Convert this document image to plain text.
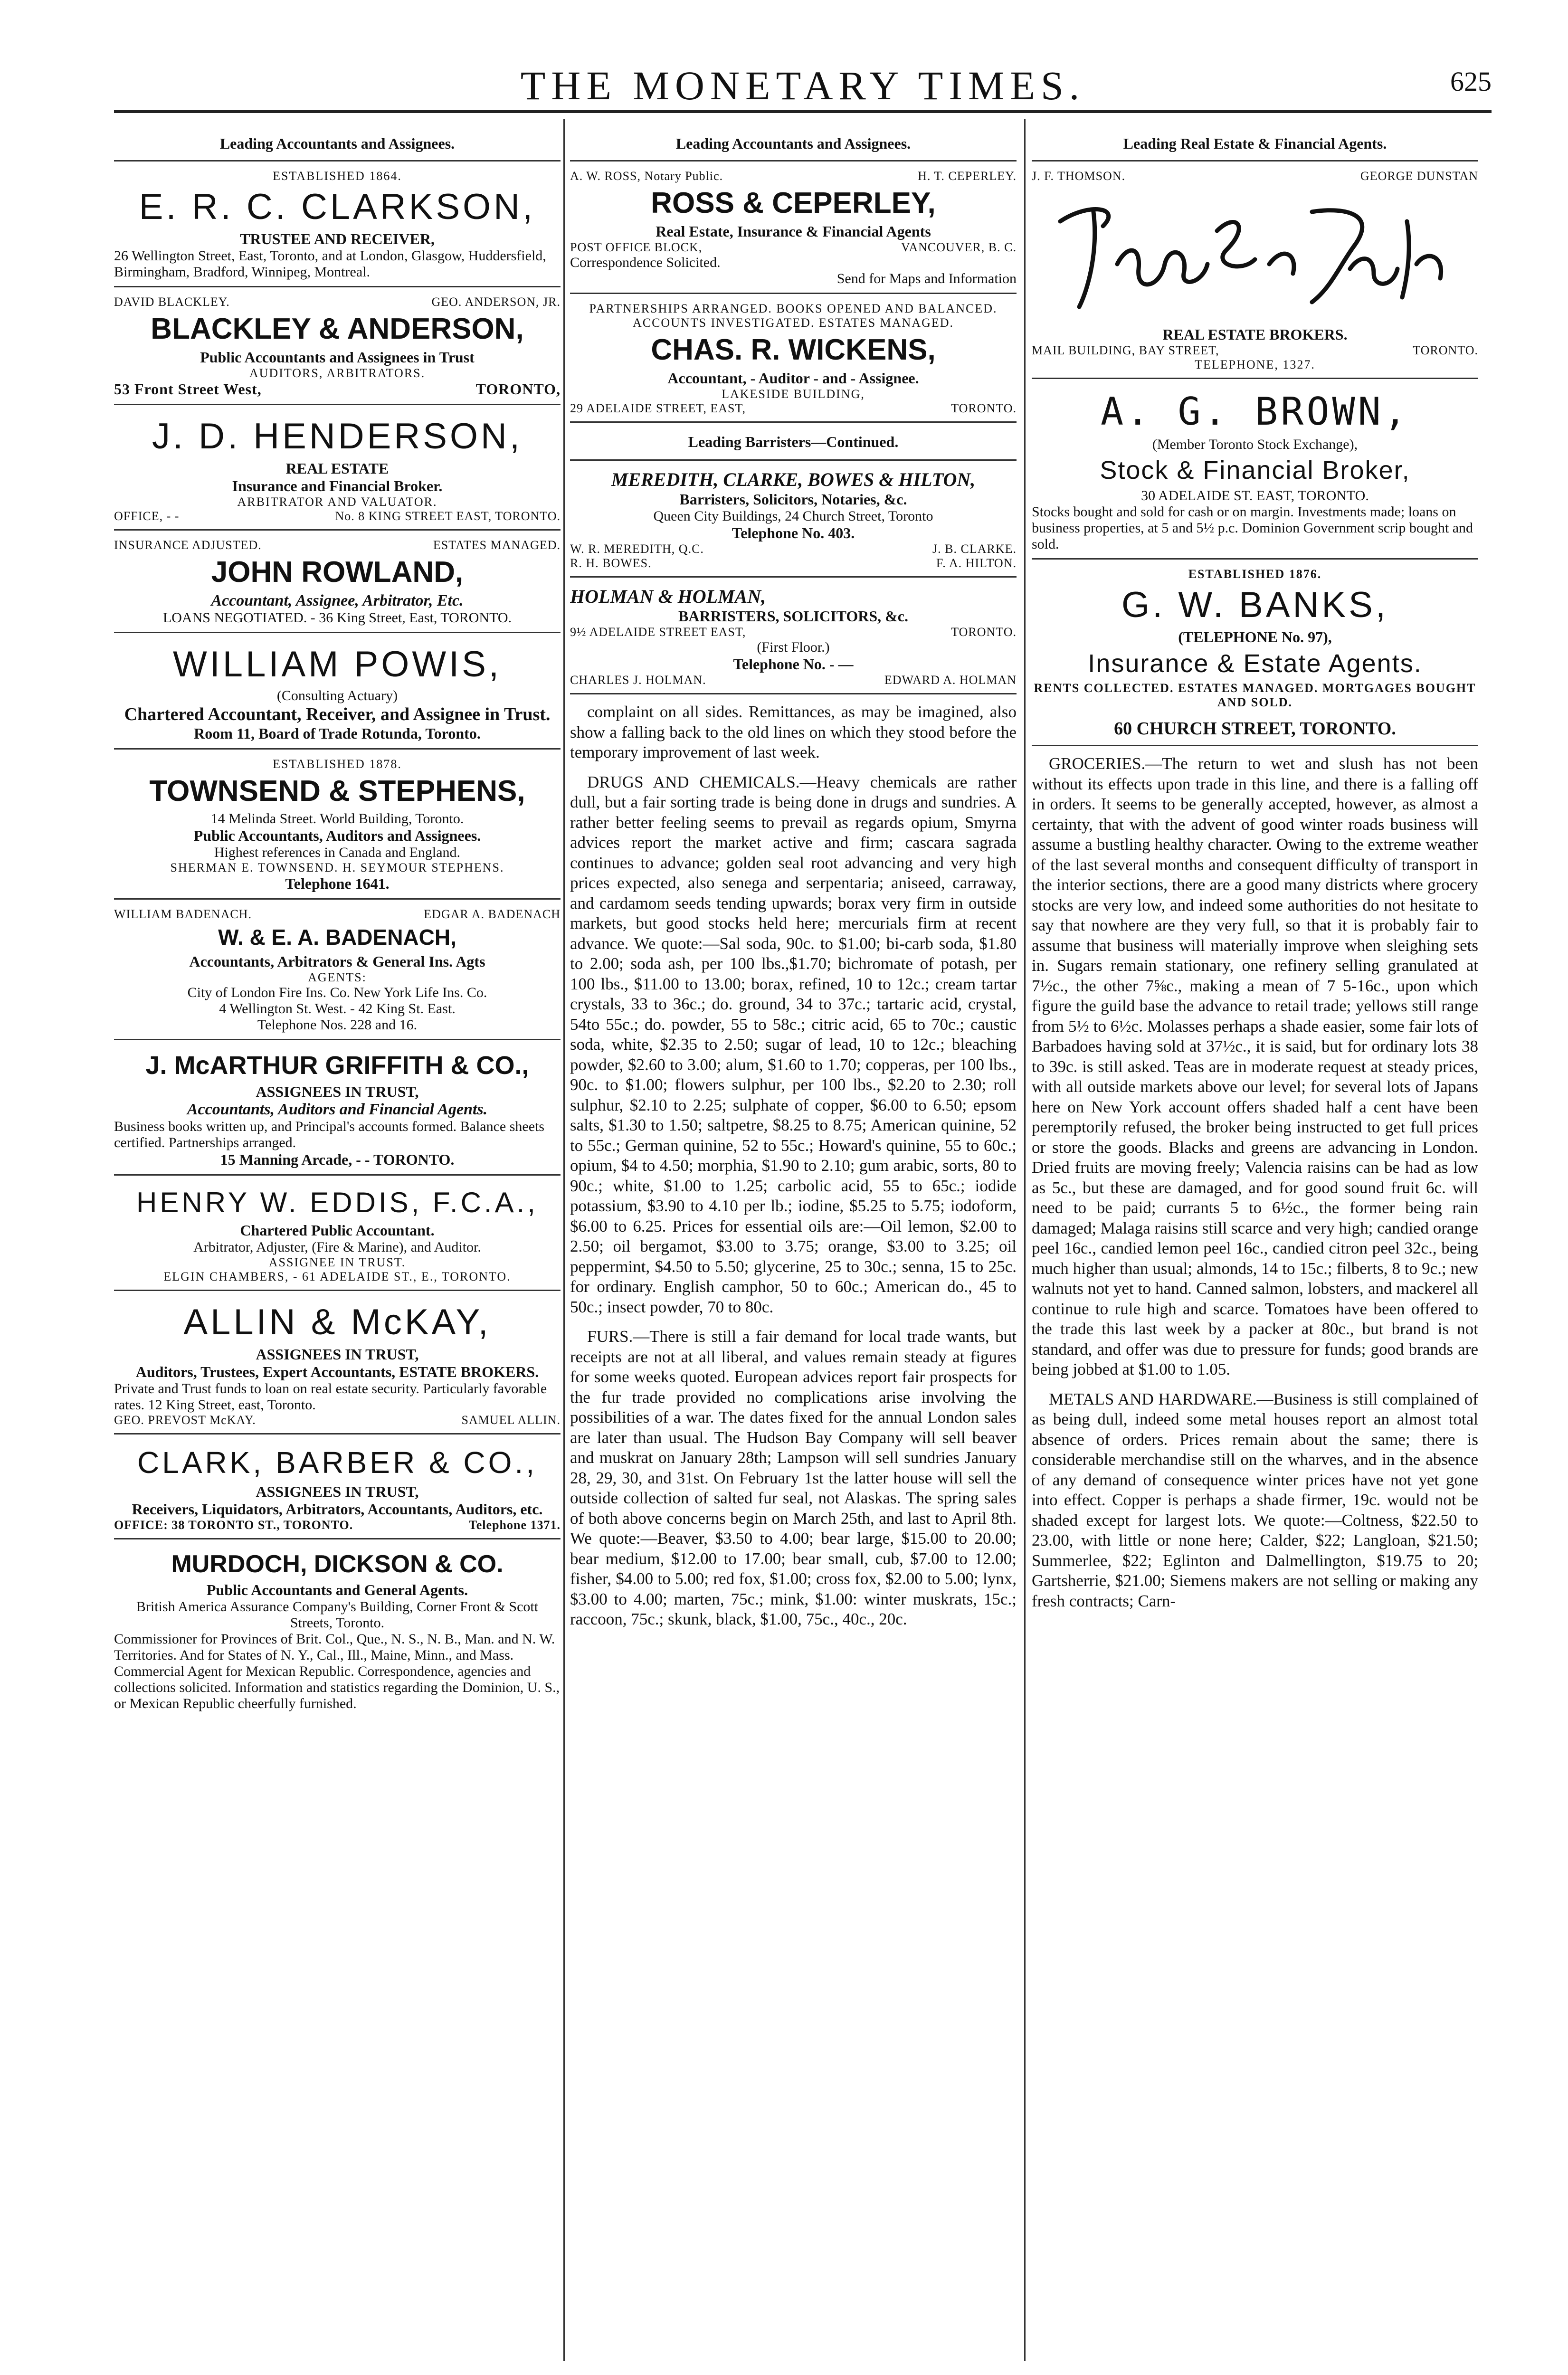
THE MONETARY TIMES.	625
Leading Accountants and Assignees.
ESTABLISHED 1864.
E. R. C. CLARKSON,
TRUSTEE AND RECEIVER,
26 Wellington Street, East, Toronto, and at London, Glasgow, Huddersfield, Birmingham, Bradford, Winnipeg, Montreal.
DAVID BLACKLEY.	GEO. ANDERSON, JR.
BLACKLEY & ANDERSON,
Public Accountants and Assignees in Trust
AUDITORS, ARBITRATORS.
53 Front Street West,	TORONTO,
J. D. HENDERSON,
REAL ESTATE
Insurance and Financial Broker.
ARBITRATOR AND VALUATOR.
OFFICE, - -	No. 8 KING STREET EAST, TORONTO.
INSURANCE ADJUSTED.	ESTATES MANAGED.
JOHN ROWLAND,
Accountant, Assignee, Arbitrator, Etc.
LOANS NEGOTIATED. - 36 King Street, East, TORONTO.
WILLIAM POWIS,
(Consulting Actuary)
Chartered Accountant, Receiver, and Assignee in Trust.
Room 11, Board of Trade Rotunda, Toronto.
ESTABLISHED 1878.
TOWNSEND & STEPHENS,
14 Melinda Street. World Building, Toronto.
Public Accountants, Auditors and Assignees.
Highest references in Canada and England.
SHERMAN E. TOWNSEND. H. SEYMOUR STEPHENS.
Telephone 1641.
WILLIAM BADENACH.	EDGAR A. BADENACH
W. & E. A. BADENACH,
Accountants, Arbitrators & General Ins. Agts
AGENTS:
City of London Fire Ins. Co. New York Life Ins. Co.
4 Wellington St. West. - 42 King St. East.
Telephone Nos. 228 and 16.
J. McARTHUR GRIFFITH & CO.,
ASSIGNEES IN TRUST,
Accountants, Auditors and Financial Agents.
Business books written up, and Principal's accounts formed. Balance sheets certified. Partnerships arranged.
15 Manning Arcade, - - TORONTO.
HENRY W. EDDIS, F.C.A.,
Chartered Public Accountant.
Arbitrator, Adjuster, (Fire & Marine), and Auditor.
ASSIGNEE IN TRUST.
ELGIN CHAMBERS, - 61 ADELAIDE ST., E., TORONTO.
ALLIN & McKAY,
ASSIGNEES IN TRUST,
Auditors, Trustees, Expert Accountants, ESTATE BROKERS.
Private and Trust funds to loan on real estate security. Particularly favorable rates. 12 King Street, east, Toronto.
GEO. PREVOST McKAY.	SAMUEL ALLIN.
CLARK, BARBER & CO.,
ASSIGNEES IN TRUST,
Receivers, Liquidators, Arbitrators, Accountants, Auditors, etc.
OFFICE: 38 TORONTO ST., TORONTO.	Telephone 1371.
MURDOCH, DICKSON & CO.
Public Accountants and General Agents.
British America Assurance Company's Building, Corner Front & Scott Streets, Toronto.
Commissioner for Provinces of Brit. Col., Que., N. S., N. B., Man. and N. W. Territories. And for States of N. Y., Cal., Ill., Maine, Minn., and Mass. Commercial Agent for Mexican Republic. Correspondence, agencies and collections solicited. Information and statistics regarding the Dominion, U. S., or Mexican Republic cheerfully furnished.
Leading Accountants and Assignees.
A. W. ROSS, Notary Public.	H. T. CEPERLEY.
ROSS & CEPERLEY,
Real Estate, Insurance & Financial Agents
POST OFFICE BLOCK,	VANCOUVER, B. C.
Correspondence Solicited.
Send for Maps and Information
PARTNERSHIPS ARRANGED. BOOKS OPENED AND BALANCED. ACCOUNTS INVESTIGATED. ESTATES MANAGED.
CHAS. R. WICKENS,
Accountant, - Auditor - and - Assignee.
LAKESIDE BUILDING,
29 ADELAIDE STREET, EAST,	TORONTO.
Leading Barristers—Continued.
MEREDITH, CLARKE, BOWES & HILTON,
Barristers, Solicitors, Notaries, &c.
Queen City Buildings, 24 Church Street, Toronto
Telephone No. 403.
W. R. MEREDITH, Q.C.	J. B. CLARKE.
R. H. BOWES.	F. A. HILTON.
HOLMAN & HOLMAN,
BARRISTERS, SOLICITORS, &c.
9½ ADELAIDE STREET EAST,	TORONTO.
(First Floor.)
Telephone No. - —
CHARLES J. HOLMAN.	EDWARD A. HOLMAN

complaint on all sides. Remittances, as may be imagined, also show a falling back to the old lines on which they stood before the temporary improvement of last week.

DRUGS AND CHEMICALS.—Heavy chemicals are rather dull, but a fair sorting trade is being done in drugs and sundries. A rather better feeling seems to prevail as regards opium, Smyrna advices report the market active and firm; cascara sagrada continues to advance; golden seal root advancing and very high prices expected, also senega and serpentaria; aniseed, carraway, and cardamom seeds tending upwards; borax very firm in outside markets, but good stocks held here; mercurials firm at recent advance. We quote:—Sal soda, 90c. to $1.00; bi-carb soda, $1.80 to 2.00; soda ash, per 100 lbs.,$1.70; bichromate of potash, per 100 lbs., $11.00 to 13.00; borax, refined, 10 to 12c.; cream tartar crystals, 33 to 36c.; do. ground, 34 to 37c.; tartaric acid, crystal, 54to 55c.; do. powder, 55 to 58c.; citric acid, 65 to 70c.; caustic soda, white, $2.35 to 2.50; sugar of lead, 10 to 12c.; bleaching powder, $2.60 to 3.00; alum, $1.60 to 1.70; copperas, per 100 lbs., 90c. to $1.00; flowers sulphur, per 100 lbs., $2.20 to 2.30; roll sulphur, $2.10 to 2.25; sulphate of copper, $6.00 to 6.50; epsom salts, $1.30 to 1.50; saltpetre, $8.25 to 8.75; American quinine, 52 to 55c.; German quinine, 52 to 55c.; Howard's quinine, 55 to 60c.; opium, $4 to 4.50; morphia, $1.90 to 2.10; gum arabic, sorts, 80 to 90c.; white, $1.00 to 1.25; carbolic acid, 55 to 65c.; iodide potassium, $3.90 to 4.10 per lb.; iodine, $5.25 to 5.75; iodoform, $6.00 to 6.25. Prices for essential oils are:—Oil lemon, $2.00 to 2.50; oil bergamot, $3.00 to 3.75; orange, $3.00 to 3.25; oil peppermint, $4.50 to 5.50; glycerine, 25 to 30c.; senna, 15 to 25c. for ordinary. English camphor, 50 to 60c.; American do., 45 to 50c.; insect powder, 70 to 80c.

FURS.—There is still a fair demand for local trade wants, but receipts are not at all liberal, and values remain steady at figures for some weeks quoted. European advices report fair prospects for the fur trade provided no complications arise involving the possibilities of a war. The dates fixed for the annual London sales are later than usual. The Hudson Bay Company will sell beaver and muskrat on January 28th; Lampson will sell sundries January 28, 29, 30, and 31st. On February 1st the latter house will sell the outside collection of salted fur seal, not Alaskas. The spring sales of both above concerns begin on March 25th, and last to April 8th. We quote:—Beaver, $3.50 to 4.00; bear large, $15.00 to 20.00; bear medium, $12.00 to 17.00; bear small, cub, $7.00 to 12.00; fisher, $4.00 to 5.00; red fox, $1.00; cross fox, $2.00 to 5.00; lynx, $3.00 to 4.00; marten, 75c.; mink, $1.00: winter muskrats, 15c.; raccoon, 75c.; skunk, black, $1.00, 75c., 40c., 20c.

Leading Real Estate & Financial Agents.
J. F. THOMSON.	GEORGE DUNSTAN
REAL ESTATE BROKERS.
MAIL BUILDING, BAY STREET,	TORONTO.
TELEPHONE, 1327.
A. G. BROWN,
(Member Toronto Stock Exchange),
Stock & Financial Broker,
30 ADELAIDE ST. EAST, TORONTO.
Stocks bought and sold for cash or on margin. Investments made; loans on business properties, at 5 and 5½ p.c. Dominion Government scrip bought and sold.
ESTABLISHED 1876.
G. W. BANKS,
(TELEPHONE No. 97),
Insurance & Estate Agents.
RENTS COLLECTED. ESTATES MANAGED. MORTGAGES BOUGHT AND SOLD.
60 CHURCH STREET, TORONTO.

GROCERIES.—The return to wet and slush has not been without its effects upon trade in this line, and there is a falling off in orders. It seems to be generally accepted, however, as almost a certainty, that with the advent of good winter roads business will assume a bustling healthy character. Owing to the extreme weather of the last several months and consequent difficulty of transport in the interior sections, there are a good many districts where grocery stocks are very low, and indeed some authorities do not hesitate to say that nowhere are they very full, so that it is probably fair to assume that business will materially improve when sleighing sets in. Sugars remain stationary, one refinery selling granulated at 7½c., the other 7⅝c., making a mean of 7 5-16c., upon which figure the guild base the advance to retail trade; yellows still range from 5½ to 6½c. Molasses perhaps a shade easier, some fair lots of Barbadoes having sold at 37½c., it is said, but for ordinary lots 38 to 39c. is still asked. Teas are in moderate request at steady prices, with all outside markets above our level; for several lots of Japans here on New York account offers shaded half a cent have been peremptorily refused, the broker being instructed to get full prices or store the goods. Blacks and greens are advancing in London. Dried fruits are moving freely; Valencia raisins can be had as low as 5c., but these are damaged, and for good sound fruit 6c. will need to be paid; currants 5 to 6½c., the former being rain damaged; Malaga raisins still scarce and very high; candied orange peel 16c., candied lemon peel 16c., candied citron peel 32c., being much higher than usual; almonds, 14 to 15c.; filberts, 8 to 9c.; new walnuts not yet to hand. Canned salmon, lobsters, and mackerel all continue to rule high and scarce. Tomatoes have been offered to the trade this last week by a packer at 80c., but brand is not standard, and offer was due to pressure for funds; good brands are being jobbed at $1.00 to 1.05.

METALS AND HARDWARE.—Business is still complained of as being dull, indeed some metal houses report an almost total absence of orders. Prices remain about the same; there is considerable merchandise still on the wharves, and in the absence of any demand of consequence winter prices have not yet gone into effect. Copper is perhaps a shade firmer, 19c. would not be shaded except for largest lots. We quote:—Coltness, $22.50 to 23.00, with little or none here; Calder, $22; Langloan, $21.50; Summerlee, $22; Eglinton and Dalmellington, $19.75 to 20; Gartsherrie, $21.00; Siemens makers are not selling or making any fresh contracts; Carn-
